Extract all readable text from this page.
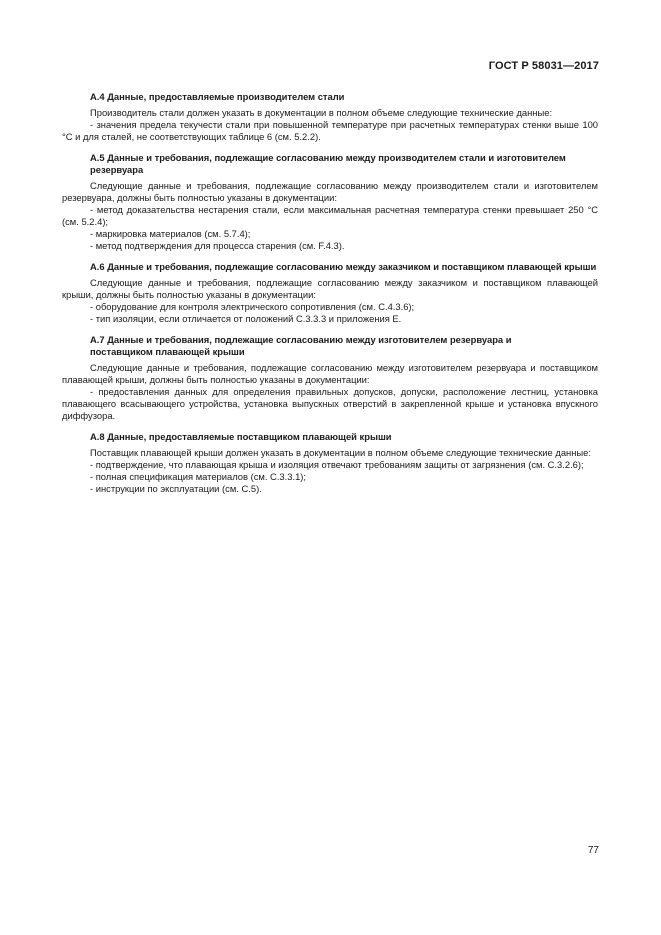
ГОСТ Р 58031—2017

А.4 Данные, предоставляемые производителем стали

Производитель стали должен указать в документации в полном объеме следующие технические данные:

- значения предела текучести стали при повышенной температуре при расчетных температурах стенки выше 100 °С и для сталей, не соответствующих таблице 6 (см. 5.2.2).

А.5 Данные и требования, подлежащие согласованию между производителем стали и изготовителем резервуара

Следующие данные и требования, подлежащие согласованию между производителем стали и изготовителем резервуара, должны быть полностью указаны в документации:

- метод доказательства нестарения стали, если максимальная расчетная температура стенки превышает 250 °С (см. 5.2.4);

- маркировка материалов (см. 5.7.4);

- метод подтверждения для процесса старения (см. F.4.3).

А.6 Данные и требования, подлежащие согласованию между заказчиком и поставщиком плавающей крыши

Следующие данные и требования, подлежащие согласованию между заказчиком и поставщиком плавающей крыши, должны быть полностью указаны в документации:

- оборудование для контроля электрического сопротивления (см. С.4.3.6);

- тип изоляции, если отличается от положений С.3.3.3 и приложения Е.

А.7 Данные и требования, подлежащие согласованию между изготовителем резервуара и поставщиком плавающей крыши

Следующие данные и требования, подлежащие согласованию между изготовителем резервуара и поставщиком плавающей крыши, должны быть полностью указаны в документации:

- предоставления данных для определения правильных допусков, допуски, расположение лестниц, установка плавающего всасывающего устройства, установка выпускных отверстий в закрепленной крыше и установка впускного диффузора.

А.8 Данные, предоставляемые поставщиком плавающей крыши

Поставщик плавающей крыши должен указать в документации в полном объеме следующие технические данные:

- подтверждение, что плавающая крыша и изоляция отвечают требованиям защиты от загрязнения (см. С.3.2.6);

- полная спецификация материалов (см. С.3.3.1);

- инструкции по эксплуатации (см. С.5).

77
